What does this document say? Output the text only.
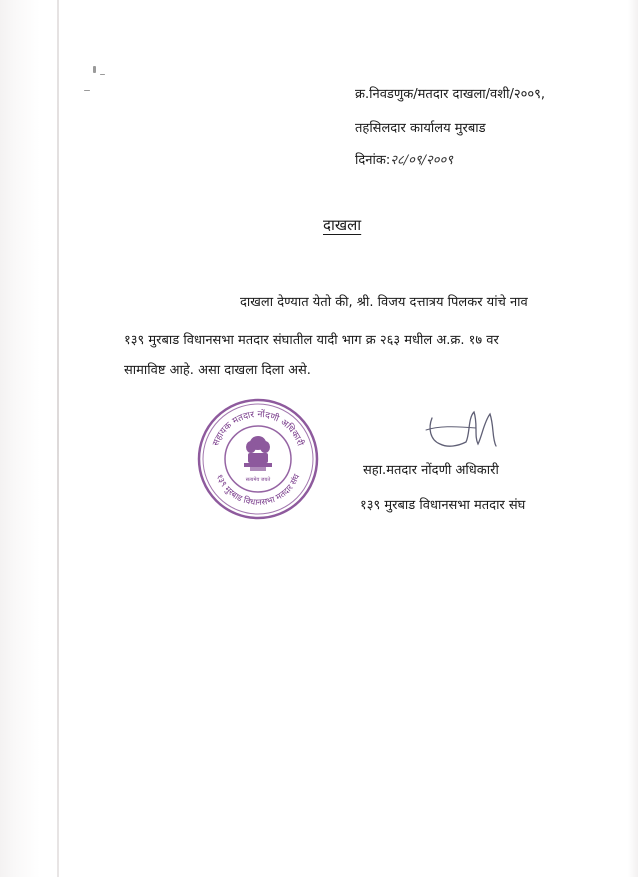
क्र.निवडणुक/मतदार दाखला/वशी/२००९,
तहसिलदार कार्यालय मुरबाड
दिनांक:२८/०९/२००९
दाखला
दाखला देण्यात येतो की, श्री. विजय दत्तात्रय पिलकर यांचे नाव
१३९ मुरबाड विधानसभा मतदार संघातील यादी भाग क्र २६३ मधील अ.क्र. १७ वर
सामाविष्ट आहे. असा दाखला दिला असे.
सहायक मतदार नोंदणी अधिकारी
१३९ मुरबाड विधानसभा मतदार संघ
सत्यमेव जयते
सहा.मतदार नोंदणी अधिकारी
१३९ मुरबाड विधानसभा मतदार संघ
